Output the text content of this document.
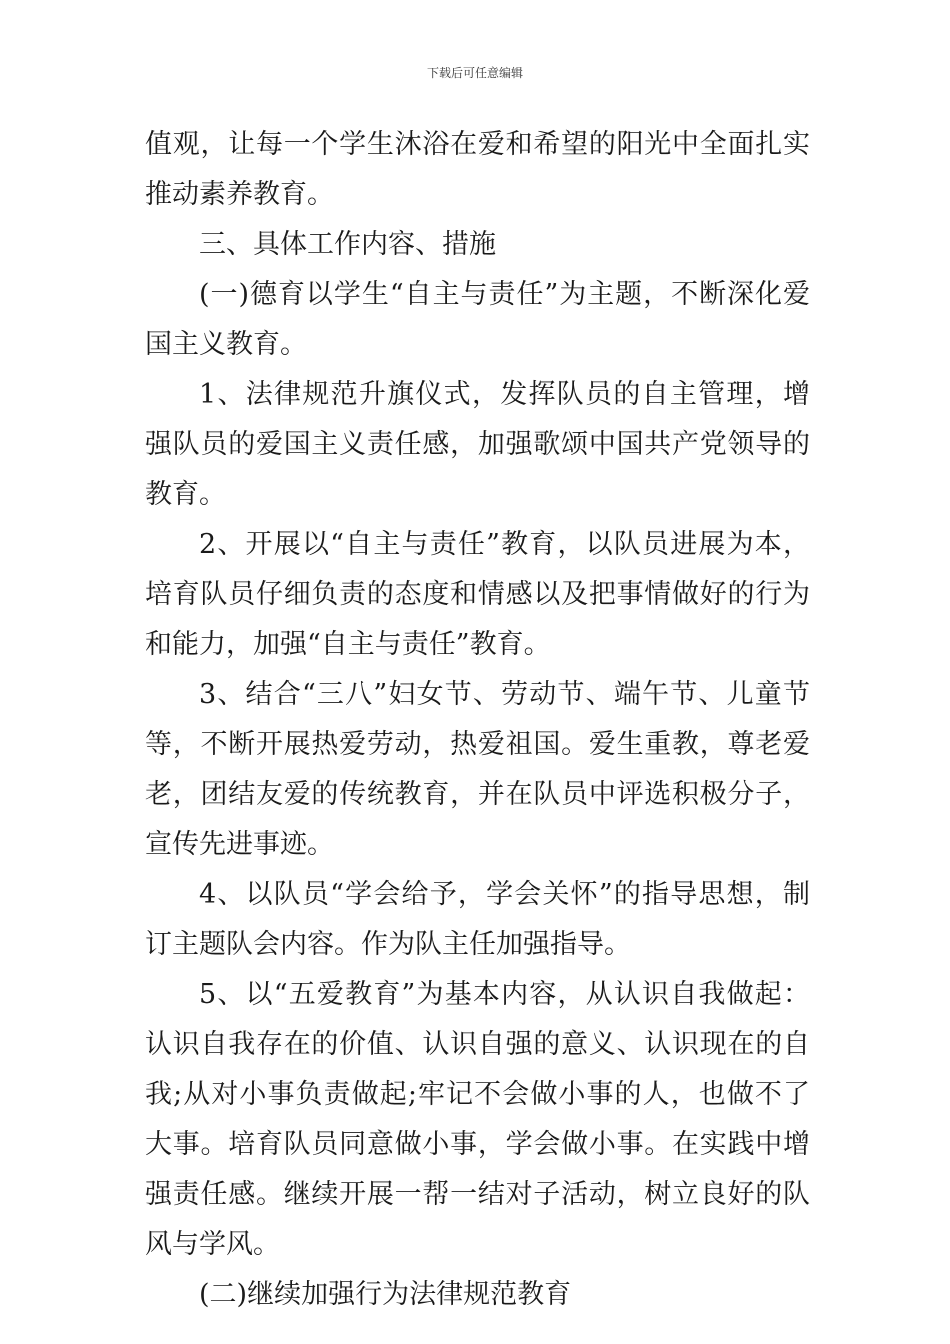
下载后可任意编辑

值观，让每一个学生沐浴在爱和希望的阳光中全面扎实推动素养教育。

三、具体工作内容、措施

(一)德育以学生“自主与责任”为主题，不断深化爱国主义教育。

1、法律规范升旗仪式，发挥队员的自主管理，增强队员的爱国主义责任感，加强歌颂中国共产党领导的教育。

2、开展以“自主与责任”教育，以队员进展为本，培育队员仔细负责的态度和情感以及把事情做好的行为和能力，加强“自主与责任”教育。

3、结合“三八”妇女节、劳动节、端午节、儿童节等，不断开展热爱劳动，热爱祖国。爱生重教，尊老爱老，团结友爱的传统教育，并在队员中评选积极分子，宣传先进事迹。

4、以队员“学会给予，学会关怀”的指导思想，制订主题队会内容。作为队主任加强指导。

5、以“五爱教育”为基本内容，从认识自我做起：认识自我存在的价值、认识自强的意义、认识现在的自我;从对小事负责做起;牢记不会做小事的人，也做不了大事。培育队员同意做小事，学会做小事。在实践中增强责任感。继续开展一帮一结对子活动，树立良好的队风与学风。

(二)继续加强行为法律规范教育
